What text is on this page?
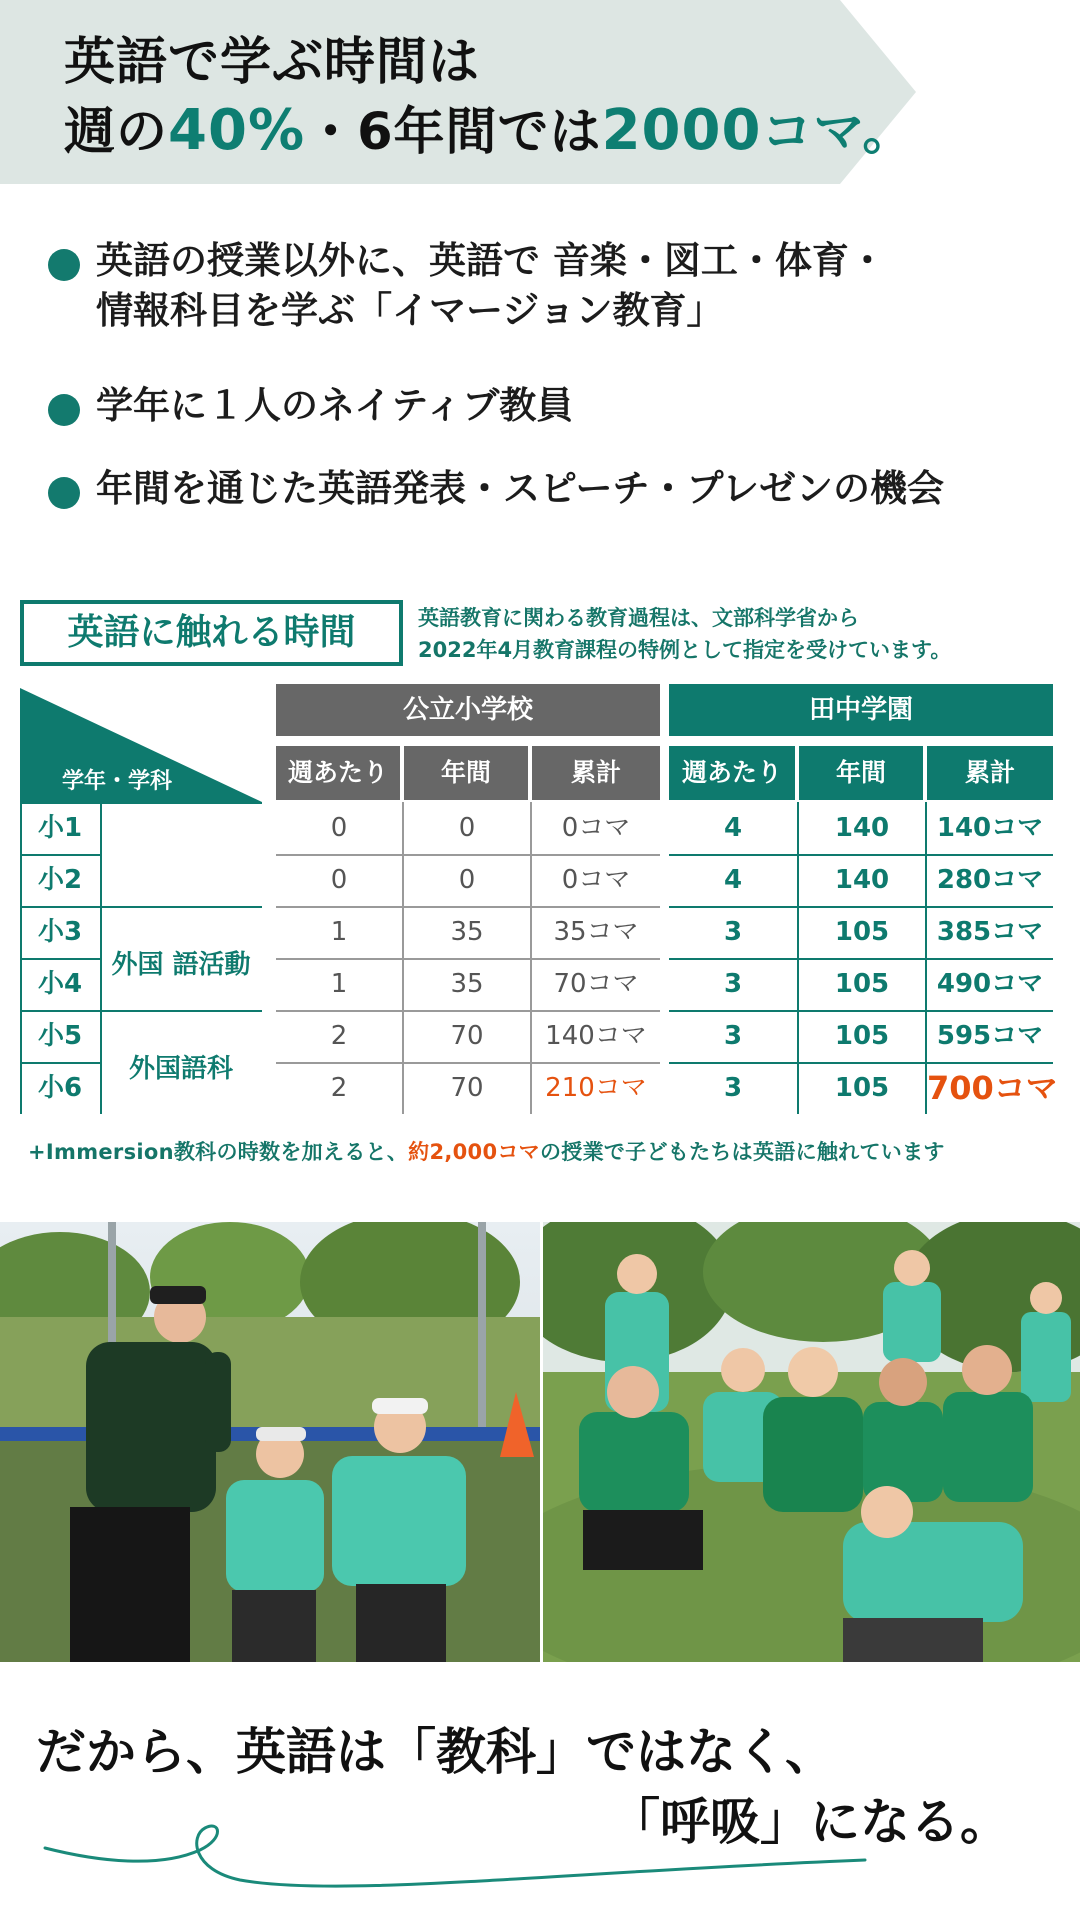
英語で学ぶ時間は
週の40%・6年間では2000コマ。
英語の授業以外に、英語で 音楽・図工・体育・
情報科目を学ぶ「イマージョン教育」
学年に１人のネイティブ教員
年間を通じた英語発表・スピーチ・プレゼンの機会
英語に触れる時間	英語教育に関わる教育過程は、文部科学省から
2022年4月教育課程の特例として指定を受けています。
学年・学科
公立小学校	田中学園
週あたり	年間	累計	週あたり	年間	累計
外国 語活動
外国語科
小1	0	0	0コマ	4	140	140コマ
小2	0	0	0コマ	4	140	280コマ
小3	1	35	35コマ	3	105	385コマ
小4	1	35	70コマ	3	105	490コマ
小5	2	70	140コマ	3	105	595コマ
小6	2	70	210コマ	3	105	700コマ
+Immersion教科の時数を加えると、約2,000コマの授業で子どもたちは英語に触れています
だから、英語は「教科」ではなく、
「呼吸」になる。
